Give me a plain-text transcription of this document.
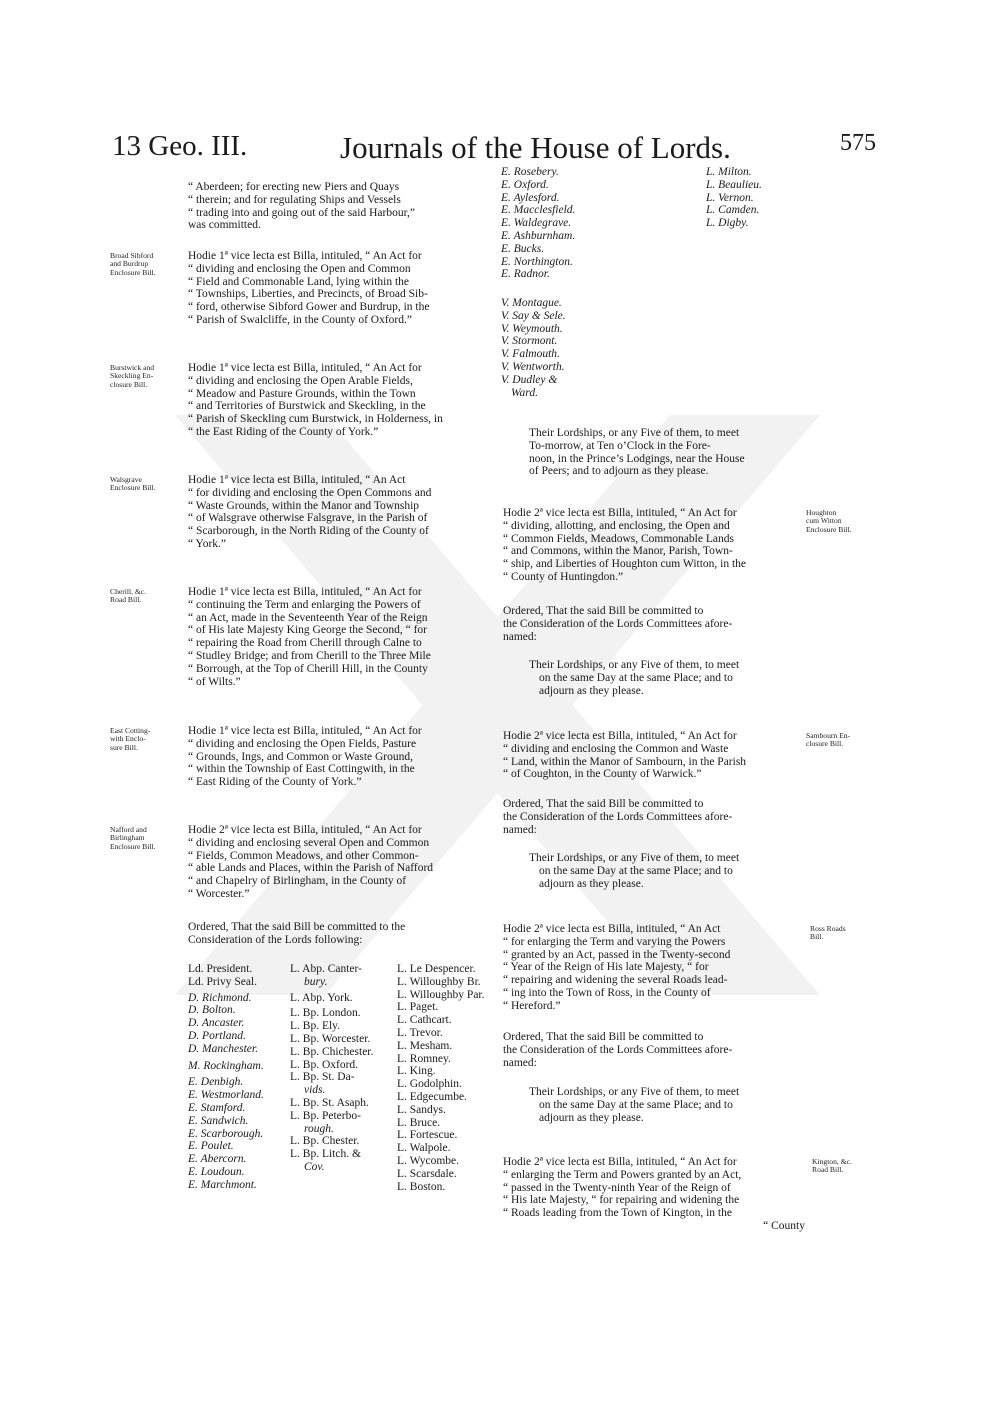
13 Geo. III.	Journals of the House of Lords.	575
“ Aberdeen; for erecting new Piers and Quays
“ therein; and for regulating Ships and Vessels
“ trading into and going out of the said Harbour,”
was committed.
Broad Sibford
and Burdrup
Enclosure Bill.
Hodie 1ª vice lecta est Billa, intituled, “ An Act for
“ dividing and enclosing the Open and Common
“ Field and Commonable Land, lying within the
“ Townships, Liberties, and Precincts, of Broad Sib-
“ ford, otherwise Sibford Gower and Burdrup, in the
“ Parish of Swalcliffe, in the County of Oxford.”
Burstwick and
Skeckling En-
closure Bill.
Hodie 1ª vice lecta est Billa, intituled, “ An Act for
“ dividing and enclosing the Open Arable Fields,
“ Meadow and Pasture Grounds, within the Town
“ and Territories of Burstwick and Skeckling, in the
“ Parish of Skeckling cum Burstwick, in Holderness, in
“ the East Riding of the County of York.”
Walsgrave
Enclosure Bill.
Hodie 1ª vice lecta est Billa, intituled, “ An Act
“ for dividing and enclosing the Open Commons and
“ Waste Grounds, within the Manor and Township
“ of Walsgrave otherwise Falsgrave, in the Parish of
“ Scarborough, in the North Riding of the County of
“ York.”
Cherill, &c.
Road Bill.
Hodie 1ª vice lecta est Billa, intituled, “ An Act for
“ continuing the Term and enlarging the Powers of
“ an Act, made in the Seventeenth Year of the Reign
“ of His late Majesty King George the Second, “ for
“ repairing the Road from Cherill through Calne to
“ Studley Bridge; and from Cherill to the Three Mile
“ Borrough, at the Top of Cherill Hill, in the County
“ of Wilts.”
East Cotting-
with Enclo-
sure Bill.
Hodie 1ª vice lecta est Billa, intituled, “ An Act for
“ dividing and enclosing the Open Fields, Pasture
“ Grounds, Ings, and Common or Waste Ground,
“ within the Township of East Cottingwith, in the
“ East Riding of the County of York.”
Nafford and
Birlingham
Enclosure Bill.
Hodie 2ª vice lecta est Billa, intituled, “ An Act for
“ dividing and enclosing several Open and Common
“ Fields, Common Meadows, and other Common-
“ able Lands and Places, within the Parish of Nafford
“ and Chapelry of Birlingham, in the County of
“ Worcester.”
Ordered, That the said Bill be committed to the
Consideration of the Lords following:
Ld. President.
Ld. Privy Seal.
D. Richmond.
D. Bolton.
D. Ancaster.
D. Portland.
D. Manchester.
M. Rockingham.
E. Denbigh.
E. Westmorland.
E. Stamford.
E. Sandwich.
E. Scarborough.
E. Poulet.
E. Abercorn.
E. Loudoun.
E. Marchmont.
L. Abp. Canter-
bury.
L. Abp. York.
L. Bp. London.
L. Bp. Ely.
L. Bp. Worcester.
L. Bp. Chichester.
L. Bp. Oxford.
L. Bp. St. Da-
vids.
L. Bp. St. Asaph.
L. Bp. Peterbo-
rough.
L. Bp. Chester.
L. Bp. Litch. &
Cov.
L. Le Despencer.
L. Willoughby Br.
L. Willoughby Par.
L. Paget.
L. Cathcart.
L. Trevor.
L. Mesham.
L. Romney.
L. King.
L. Godolphin.
L. Edgecumbe.
L. Sandys.
L. Bruce.
L. Fortescue.
L. Walpole.
L. Wycombe.
L. Scarsdale.
L. Boston.
E. Rosebery.
E. Oxford.
E. Aylesford.
E. Macclesfield.
E. Waldegrave.
E. Ashburnham.
E. Bucks.
E. Northington.
E. Radnor.
V. Montague.
V. Say & Sele.
V. Weymouth.
V. Stormont.
V. Falmouth.
V. Wentworth.
V. Dudley &
Ward.
L. Milton.
L. Beaulieu.
L. Vernon.
L. Camden.
L. Digby.
Their Lordships, or any Five of them, to meet
To-morrow, at Ten o’Clock in the Fore-
noon, in the Prince’s Lodgings, near the House
of Peers; and to adjourn as they please.
Houghton
cum Witton
Enclosure Bill.
Hodie 2ª vice lecta est Billa, intituled, “ An Act for
“ dividing, allotting, and enclosing, the Open and
“ Common Fields, Meadows, Commonable Lands
“ and Commons, within the Manor, Parish, Town-
“ ship, and Liberties of Houghton cum Witton, in the
“ County of Huntingdon.”
Ordered, That the said Bill be committed to
the Consideration of the Lords Committees afore-
named:
Their Lordships, or any Five of them, to meet
on the same Day at the same Place; and to
adjourn as they please.
Sambourn En-
closure Bill.
Hodie 2ª vice lecta est Billa, intituled, “ An Act for
“ dividing and enclosing the Common and Waste
“ Land, within the Manor of Sambourn, in the Parish
“ of Coughton, in the County of Warwick.”
Ordered, That the said Bill be committed to
the Consideration of the Lords Committees afore-
named:
Their Lordships, or any Five of them, to meet
on the same Day at the same Place; and to
adjourn as they please.
Ross Roads
Bill.
Hodie 2ª vice lecta est Billa, intituled, “ An Act
“ for enlarging the Term and varying the Powers
“ granted by an Act, passed in the Twenty-second
“ Year of the Reign of His late Majesty, “ for
“ repairing and widening the several Roads lead-
“ ing into the Town of Ross, in the County of
“ Hereford.”
Ordered, That the said Bill be committed to
the Consideration of the Lords Committees afore-
named:
Their Lordships, or any Five of them, to meet
on the same Day at the same Place; and to
adjourn as they please.
Kington, &c.
Road Bill.
Hodie 2ª vice lecta est Billa, intituled, “ An Act for
“ enlarging the Term and Powers granted by an Act,
“ passed in the Twenty-ninth Year of the Reign of
“ His late Majesty, “ for repairing and widening the
“ Roads leading from the Town of Kington, in the
“ County
